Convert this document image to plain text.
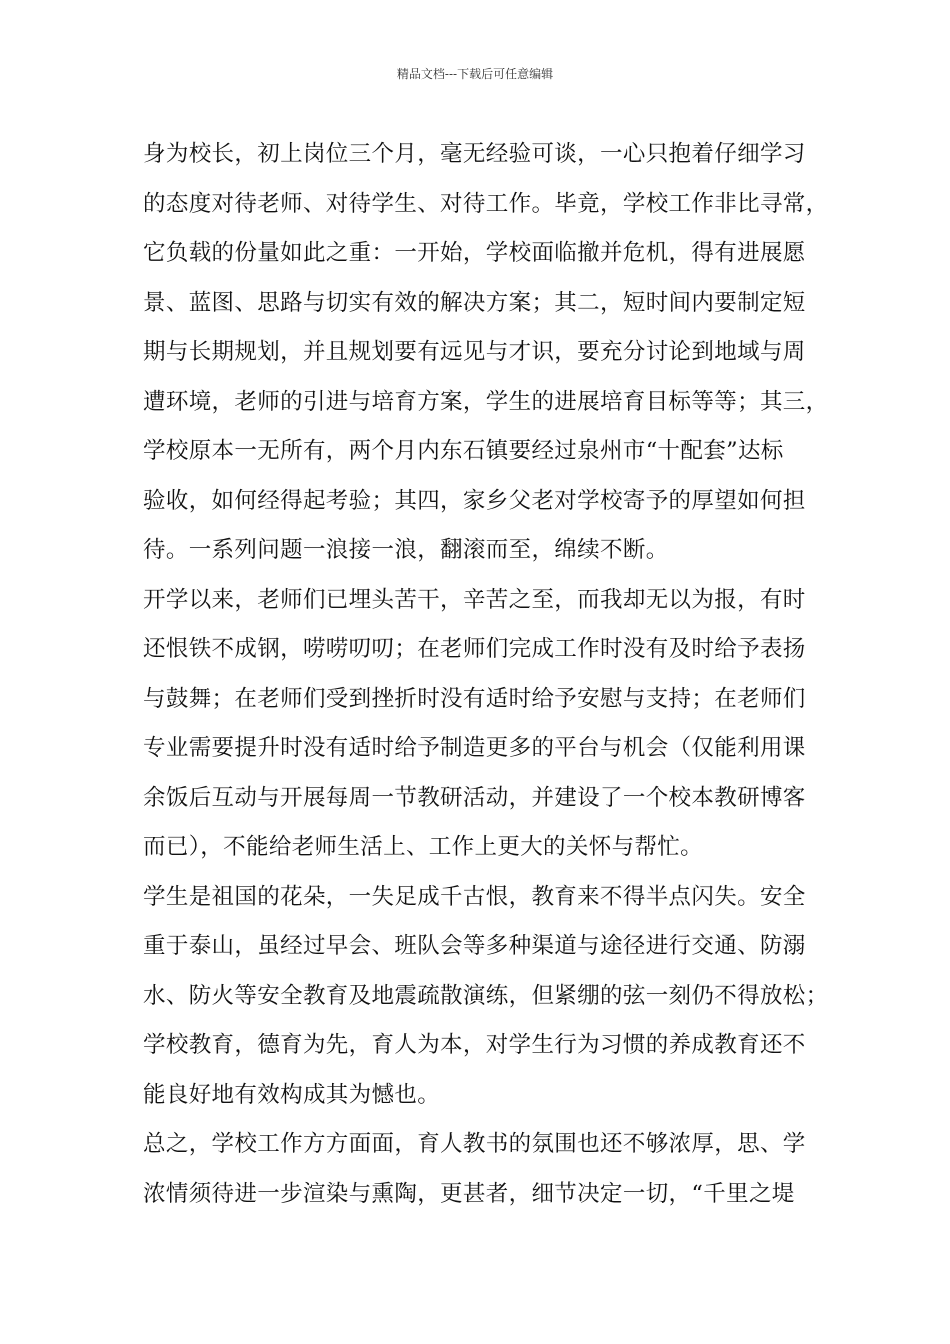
精品文档---下载后可任意编辑
身为校长，初上岗位三个月，毫无经验可谈，一心只抱着仔细学习
的态度对待老师、对待学生、对待工作。毕竟，学校工作非比寻常，
它负载的份量如此之重：一开始，学校面临撤并危机，得有进展愿
景、蓝图、思路与切实有效的解决方案；其二，短时间内要制定短
期与长期规划，并且规划要有远见与才识，要充分讨论到地域与周
遭环境，老师的引进与培育方案，学生的进展培育目标等等；其三，
学校原本一无所有，两个月内东石镇要经过泉州市“十配套”达标
验收，如何经得起考验；其四，家乡父老对学校寄予的厚望如何担
待。一系列问题一浪接一浪，翻滚而至，绵续不断。
开学以来，老师们已埋头苦干，辛苦之至，而我却无以为报，有时
还恨铁不成钢，唠唠叨叨；在老师们完成工作时没有及时给予表扬
与鼓舞；在老师们受到挫折时没有适时给予安慰与支持；在老师们
专业需要提升时没有适时给予制造更多的平台与机会（仅能利用课
余饭后互动与开展每周一节教研活动，并建设了一个校本教研博客
而已），不能给老师生活上、工作上更大的关怀与帮忙。
学生是祖国的花朵，一失足成千古恨，教育来不得半点闪失。安全
重于泰山，虽经过早会、班队会等多种渠道与途径进行交通、防溺
水、防火等安全教育及地震疏散演练，但紧绷的弦一刻仍不得放松；
学校教育，德育为先，育人为本，对学生行为习惯的养成教育还不
能良好地有效构成其为憾也。
总之，学校工作方方面面，育人教书的氛围也还不够浓厚，思、学
浓情须待进一步渲染与熏陶，更甚者，细节决定一切，“千里之堤
